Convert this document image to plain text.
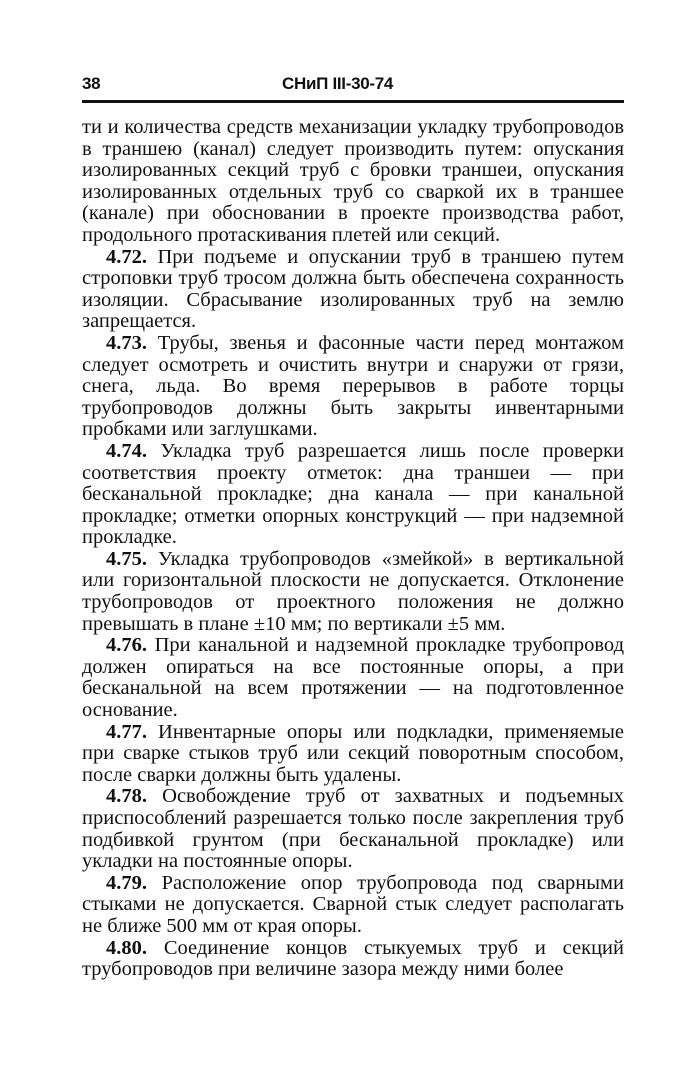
38	СНиП III-30-74

ти и количества средств механизации укладку трубопроводов в траншею (канал) следует производить путем: опускания изолированных секций труб с бровки траншеи, опускания изолированных отдельных труб со сваркой их в траншее (канале) при обосновании в проекте производства работ, продольного протаскивания плетей или секций.

4.72. При подъеме и опускании труб в траншею путем строповки труб тросом должна быть обеспечена сохранность изоляции. Сбрасывание изолированных труб на землю запрещается.

4.73. Трубы, звенья и фасонные части перед монтажом следует осмотреть и очистить внутри и снаружи от грязи, снега, льда. Во время перерывов в работе торцы трубопроводов должны быть закрыты инвентарными пробками или заглушками.

4.74. Укладка труб разрешается лишь после проверки соответствия проекту отметок: дна траншеи — при бесканальной прокладке; дна канала — при канальной прокладке; отметки опорных конструкций — при надземной прокладке.

4.75. Укладка трубопроводов «змейкой» в вертикальной или горизонтальной плоскости не допускается. Отклонение трубопроводов от проектного положения не должно превышать в плане ±10 мм; по вертикали ±5 мм.

4.76. При канальной и надземной прокладке трубопровод должен опираться на все постоянные опоры, а при бесканальной на всем протяжении — на подготовленное основание.

4.77. Инвентарные опоры или подкладки, применяемые при сварке стыков труб или секций поворотным способом, после сварки должны быть удалены.

4.78. Освобождение труб от захватных и подъемных приспособлений разрешается только после закрепления труб подбивкой грунтом (при бесканальной прокладке) или укладки на постоянные опоры.

4.79. Расположение опор трубопровода под сварными стыками не допускается. Сварной стык следует располагать не ближе 500 мм от края опоры.

4.80. Соединение концов стыкуемых труб и секций трубопроводов при величине зазора между ними более
